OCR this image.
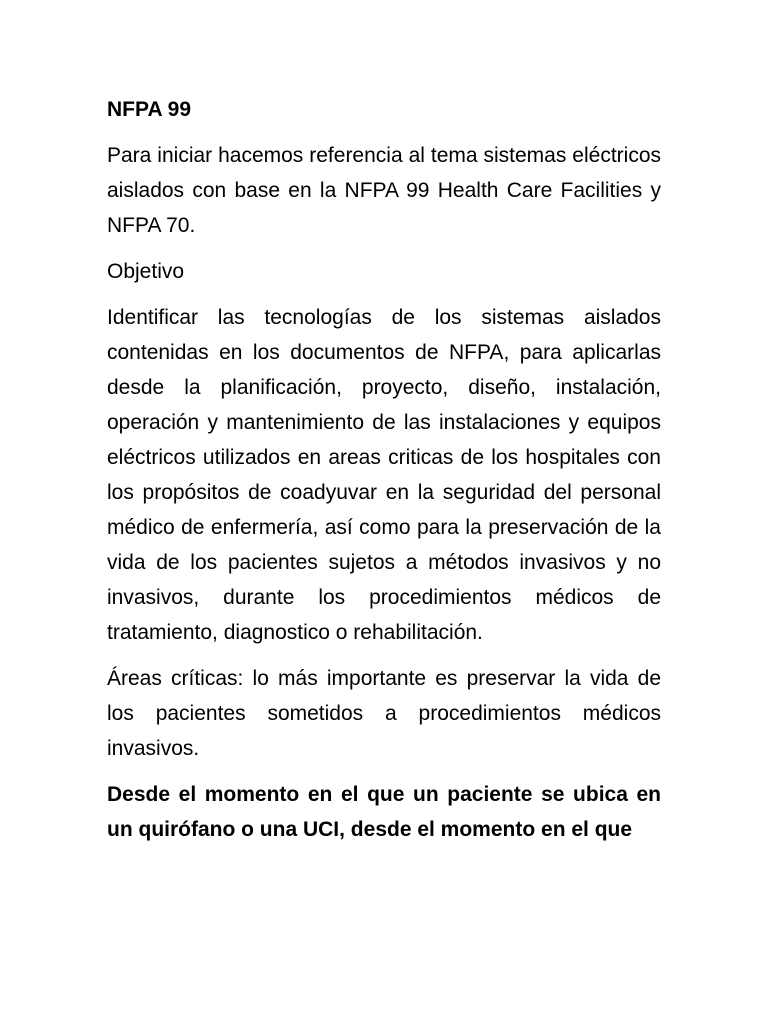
NFPA 99

Para iniciar hacemos referencia al tema sistemas eléctricos aislados con base en la NFPA 99 Health Care Facilities y NFPA 70.

Objetivo

Identificar las tecnologías de los sistemas aislados contenidas en los documentos de NFPA, para aplicarlas desde la planificación, proyecto, diseño, instalación, operación y mantenimiento de las instalaciones y equipos eléctricos utilizados en areas criticas de los hospitales con los propósitos de coadyuvar en la seguridad del personal médico de enfermería, así como para la preservación de la vida de los pacientes sujetos a métodos invasivos y no invasivos, durante los procedimientos médicos de tratamiento, diagnostico o rehabilitación.

Áreas críticas: lo más importante es preservar la vida de los pacientes sometidos a procedimientos médicos invasivos.

Desde el momento en el que un paciente se ubica en un quirófano o una UCI, desde el momento en el que
